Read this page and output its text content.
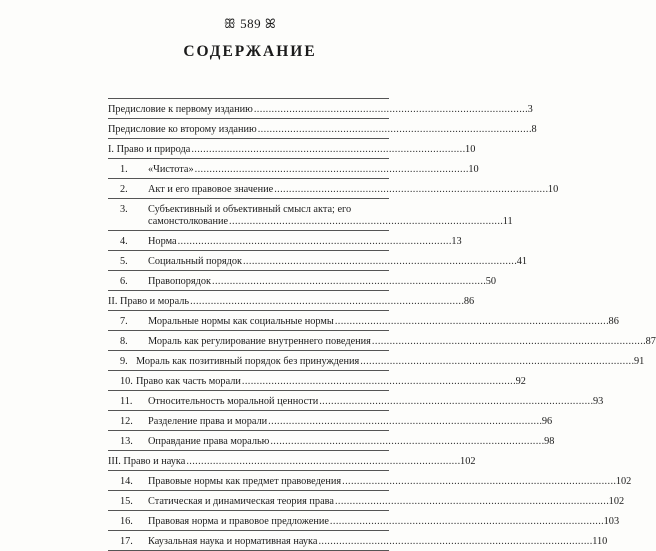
ꕥ 589 ꕤ
СОДЕРЖАНИЕ
Предисловие к первому изданию . . .	3
Предисловие ко второму изданию . . .	8
I. Право и природа . . .	10
1.	«Чистота» . . .	10
2.	Акт и его правовое значение . . .	10
3.	Субъективный и объективный смысл акта; его
самонстолкование . . .	11
4.	Норма . . .	13
5.	Социальный порядок . . .	41
6.	Правопорядок . . .	50
II. Право и мораль . . .	86
7.	Моральные нормы как социальные нормы . . .	86
8.	Мораль как регулирование внутреннего поведения . . .	87
9. Мораль как позитивный порядок без принуждения . . .	91
10. Право как часть морали . . .	92
11.	Относительность моральной ценности . . .	93
12.	Разделение права и морали . . .	96
13.	Оправдание права моралью . . .	98
III. Право и наука . . .	102
14.	Правовые нормы как предмет правоведения . . .	102
15.	Статическая и динамическая теория права . . .	102
16.	Правовая норма и правовое предложение . . .	103
17.	Каузальная наука и нормативная наука . . .	110
